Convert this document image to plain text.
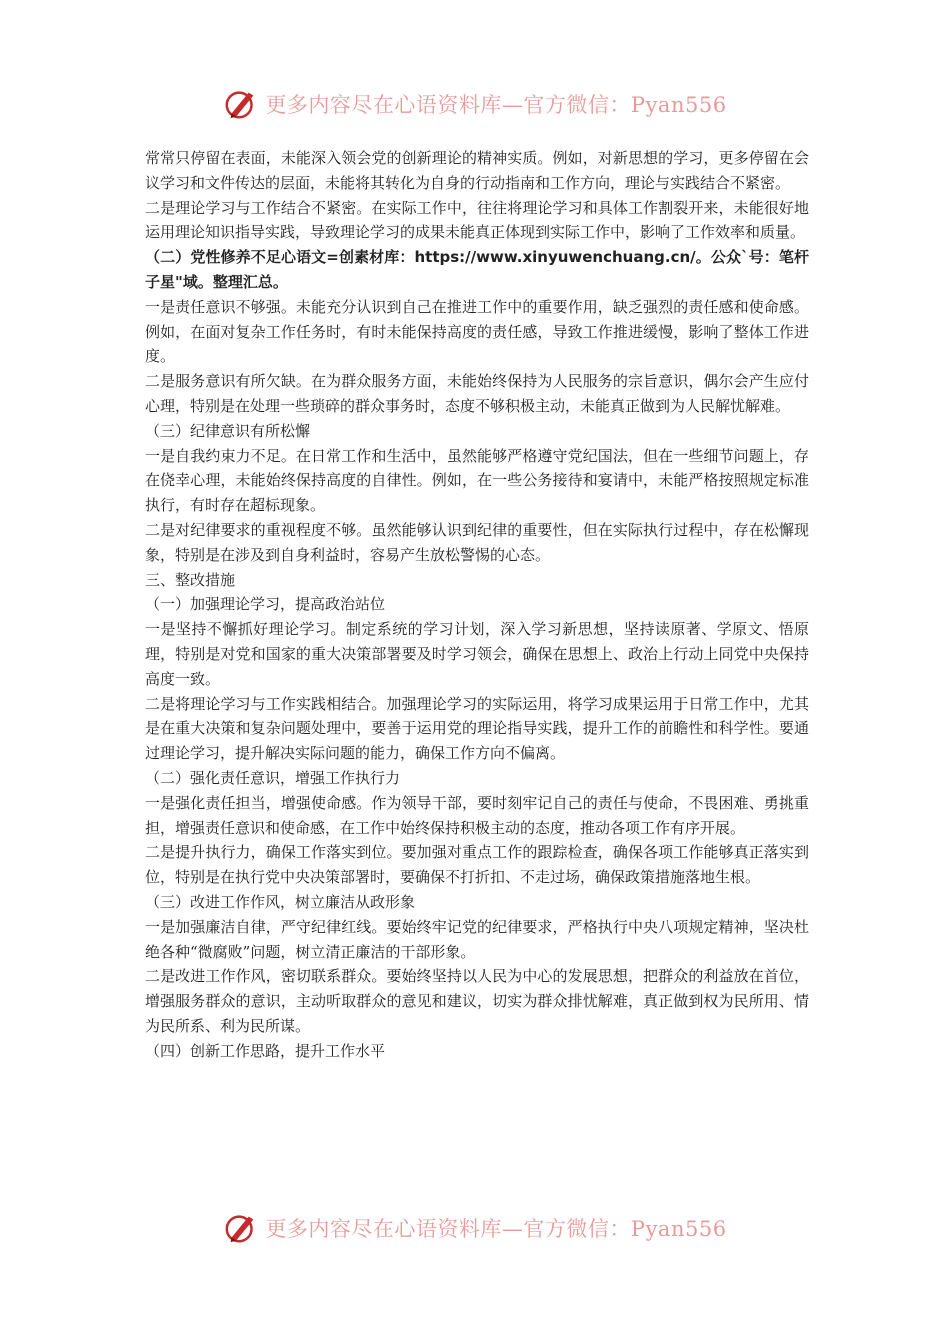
更多内容尽在心语资料库—官方微信：Pyan556

常常只停留在表面，未能深入领会党的创新理论的精神实质。例如，对新思想的学习，更多停留在会议学习和文件传达的层面，未能将其转化为自身的行动指南和工作方向，理论与实践结合不紧密。

二是理论学习与工作结合不紧密。在实际工作中，往往将理论学习和具体工作割裂开来，未能很好地运用理论知识指导实践，导致理论学习的成果未能真正体现到实际工作中，影响了工作效率和质量。

（二）党性修养不足心语文=创素材库：https://www.xinyuwenchuang.cn/。公众`号：笔杆子星"域。整理汇总。

一是责任意识不够强。未能充分认识到自己在推进工作中的重要作用，缺乏强烈的责任感和使命感。例如，在面对复杂工作任务时，有时未能保持高度的责任感，导致工作推进缓慢，影响了整体工作进度。

二是服务意识有所欠缺。在为群众服务方面，未能始终保持为人民服务的宗旨意识，偶尔会产生应付心理，特别是在处理一些琐碎的群众事务时，态度不够积极主动，未能真正做到为人民解忧解难。

（三）纪律意识有所松懈

一是自我约束力不足。在日常工作和生活中，虽然能够严格遵守党纪国法，但在一些细节问题上，存在侥幸心理，未能始终保持高度的自律性。例如，在一些公务接待和宴请中，未能严格按照规定标准执行，有时存在超标现象。

二是对纪律要求的重视程度不够。虽然能够认识到纪律的重要性，但在实际执行过程中，存在松懈现象，特别是在涉及到自身利益时，容易产生放松警惕的心态。

三、整改措施

（一）加强理论学习，提高政治站位

一是坚持不懈抓好理论学习。制定系统的学习计划，深入学习新思想，坚持读原著、学原文、悟原理，特别是对党和国家的重大决策部署要及时学习领会，确保在思想上、政治上行动上同党中央保持高度一致。

二是将理论学习与工作实践相结合。加强理论学习的实际运用，将学习成果运用于日常工作中，尤其是在重大决策和复杂问题处理中，要善于运用党的理论指导实践，提升工作的前瞻性和科学性。要通过理论学习，提升解决实际问题的能力，确保工作方向不偏离。

（二）强化责任意识，增强工作执行力

一是强化责任担当，增强使命感。作为领导干部，要时刻牢记自己的责任与使命，不畏困难、勇挑重担，增强责任意识和使命感，在工作中始终保持积极主动的态度，推动各项工作有序开展。

二是提升执行力，确保工作落实到位。要加强对重点工作的跟踪检查，确保各项工作能够真正落实到位，特别是在执行党中央决策部署时，要确保不打折扣、不走过场，确保政策措施落地生根。

（三）改进工作作风，树立廉洁从政形象

一是加强廉洁自律，严守纪律红线。要始终牢记党的纪律要求，严格执行中央八项规定精神，坚决杜绝各种“微腐败”问题，树立清正廉洁的干部形象。

二是改进工作作风，密切联系群众。要始终坚持以人民为中心的发展思想，把群众的利益放在首位，增强服务群众的意识，主动听取群众的意见和建议，切实为群众排忧解难，真正做到权为民所用、情为民所系、利为民所谋。

（四）创新工作思路，提升工作水平

更多内容尽在心语资料库—官方微信：Pyan556
